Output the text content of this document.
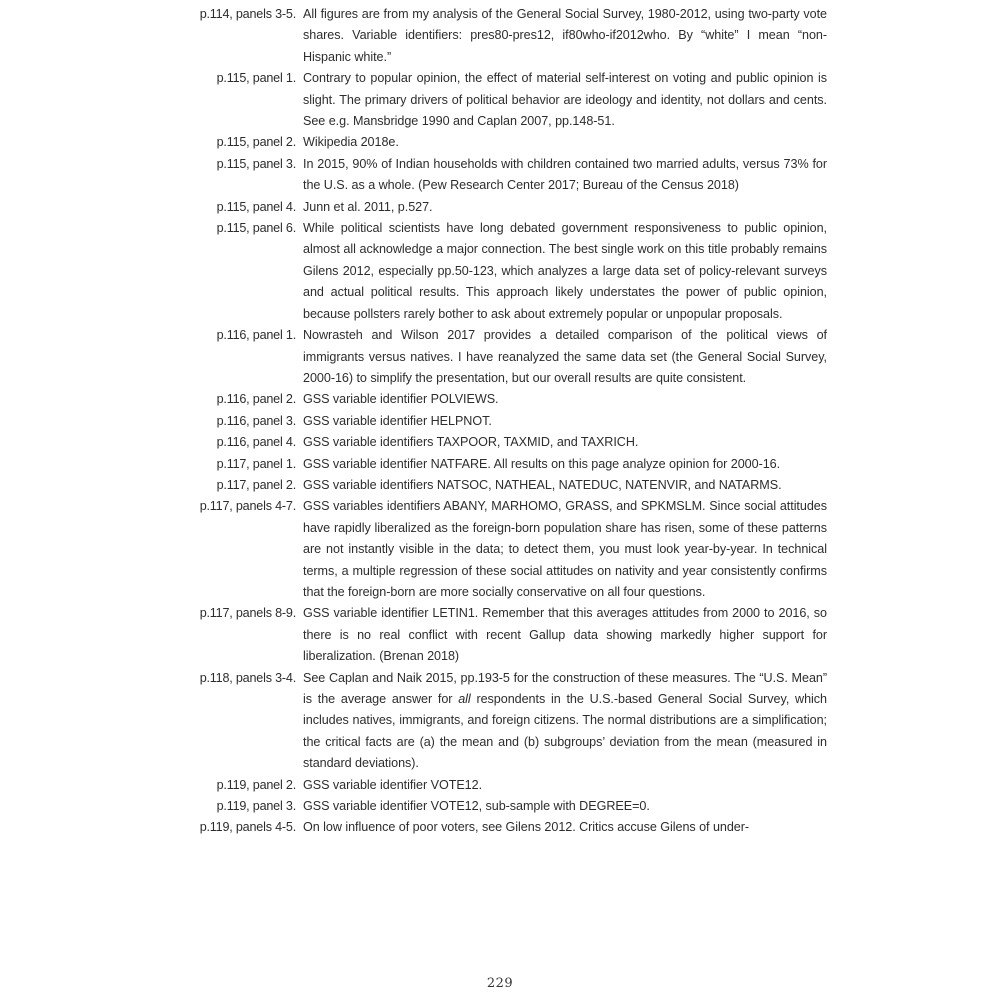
p.114, panels 3-5. All figures are from my analysis of the General Social Survey, 1980-2012, using two-party vote shares. Variable identifiers: pres80-pres12, if80who-if2012who. By “white” I mean “non-Hispanic white.”
p.115, panel 1. Contrary to popular opinion, the effect of material self-interest on voting and public opinion is slight. The primary drivers of political behavior are ideology and identity, not dollars and cents. See e.g. Mansbridge 1990 and Caplan 2007, pp.148-51.
p.115, panel 2. Wikipedia 2018e.
p.115, panel 3. In 2015, 90% of Indian households with children contained two married adults, versus 73% for the U.S. as a whole. (Pew Research Center 2017; Bureau of the Census 2018)
p.115, panel 4. Junn et al. 2011, p.527.
p.115, panel 6. While political scientists have long debated government responsiveness to public opinion, almost all acknowledge a major connection. The best single work on this title probably remains Gilens 2012, especially pp.50-123, which analyzes a large data set of policy-relevant surveys and actual political results. This approach likely understates the power of public opinion, because pollsters rarely bother to ask about extremely popular or unpopular proposals.
p.116, panel 1. Nowrasteh and Wilson 2017 provides a detailed comparison of the political views of immigrants versus natives. I have reanalyzed the same data set (the General Social Survey, 2000-16) to simplify the presentation, but our overall results are quite consistent.
p.116, panel 2. GSS variable identifier POLVIEWS.
p.116, panel 3. GSS variable identifier HELPNOT.
p.116, panel 4. GSS variable identifiers TAXPOOR, TAXMID, and TAXRICH.
p.117, panel 1. GSS variable identifier NATFARE. All results on this page analyze opinion for 2000-16.
p.117, panel 2. GSS variable identifiers NATSOC, NATHEAL, NATEDUC, NATENVIR, and NATARMS.
p.117, panels 4-7. GSS variables identifiers ABANY, MARHOMO, GRASS, and SPKMSLM. Since social attitudes have rapidly liberalized as the foreign-born population share has risen, some of these patterns are not instantly visible in the data; to detect them, you must look year-by-year. In technical terms, a multiple regression of these social attitudes on nativity and year consistently confirms that the foreign-born are more socially conservative on all four questions.
p.117, panels 8-9. GSS variable identifier LETIN1. Remember that this averages attitudes from 2000 to 2016, so there is no real conflict with recent Gallup data showing markedly higher support for liberalization. (Brenan 2018)
p.118, panels 3-4. See Caplan and Naik 2015, pp.193-5 for the construction of these measures. The “U.S. Mean” is the average answer for all respondents in the U.S.-based General Social Survey, which includes natives, immigrants, and foreign citizens. The normal distributions are a simplification; the critical facts are (a) the mean and (b) subgroups’ deviation from the mean (measured in standard deviations).
p.119, panel 2. GSS variable identifier VOTE12.
p.119, panel 3. GSS variable identifier VOTE12, sub-sample with DEGREE=0.
p.119, panels 4-5. On low influence of poor voters, see Gilens 2012. Critics accuse Gilens of under-
229
